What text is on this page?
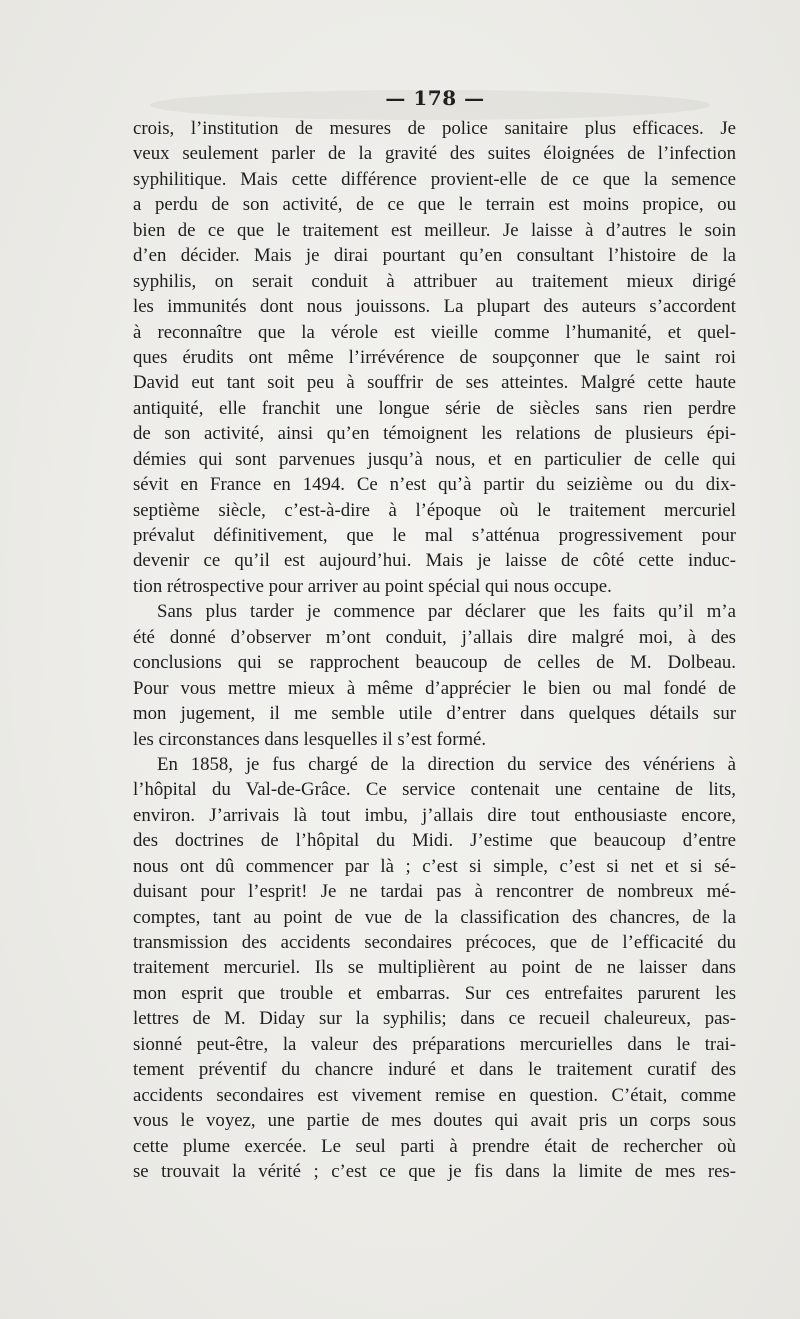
— 178 —
crois, l’institution de mesures de police sanitaire plus efficaces. Je
veux seulement parler de la gravité des suites éloignées de l’infection
syphilitique. Mais cette différence provient-elle de ce que la semence
a perdu de son activité, de ce que le terrain est moins propice, ou
bien de ce que le traitement est meilleur. Je laisse à d’autres le soin
d’en décider. Mais je dirai pourtant qu’en consultant l’histoire de la
syphilis, on serait conduit à attribuer au traitement mieux dirigé
les immunités dont nous jouissons. La plupart des auteurs s’accordent
à reconnaître que la vérole est vieille comme l’humanité, et quel-
ques érudits ont même l’irrévérence de soupçonner que le saint roi
David eut tant soit peu à souffrir de ses atteintes. Malgré cette haute
antiquité, elle franchit une longue série de siècles sans rien perdre
de son activité, ainsi qu’en témoignent les relations de plusieurs épi-
démies qui sont parvenues jusqu’à nous, et en particulier de celle qui
sévit en France en 1494. Ce n’est qu’à partir du seizième ou du dix-
septième siècle, c’est-à-dire à l’époque où le traitement mercuriel
prévalut définitivement, que le mal s’atténua progressivement pour
devenir ce qu’il est aujourd’hui. Mais je laisse de côté cette induc-
tion rétrospective pour arriver au point spécial qui nous occupe.
Sans plus tarder je commence par déclarer que les faits qu’il m’a
été donné d’observer m’ont conduit, j’allais dire malgré moi, à des
conclusions qui se rapprochent beaucoup de celles de M. Dolbeau.
Pour vous mettre mieux à même d’apprécier le bien ou mal fondé de
mon jugement, il me semble utile d’entrer dans quelques détails sur
les circonstances dans lesquelles il s’est formé.
En 1858, je fus chargé de la direction du service des vénériens à
l’hôpital du Val-de-Grâce. Ce service contenait une centaine de lits,
environ. J’arrivais là tout imbu, j’allais dire tout enthousiaste encore,
des doctrines de l’hôpital du Midi. J’estime que beaucoup d’entre
nous ont dû commencer par là ; c’est si simple, c’est si net et si sé-
duisant pour l’esprit! Je ne tardai pas à rencontrer de nombreux mé-
comptes, tant au point de vue de la classification des chancres, de la
transmission des accidents secondaires précoces, que de l’efficacité du
traitement mercuriel. Ils se multiplièrent au point de ne laisser dans
mon esprit que trouble et embarras. Sur ces entrefaites parurent les
lettres de M. Diday sur la syphilis; dans ce recueil chaleureux, pas-
sionné peut-être, la valeur des préparations mercurielles dans le trai-
tement préventif du chancre induré et dans le traitement curatif des
accidents secondaires est vivement remise en question. C’était, comme
vous le voyez, une partie de mes doutes qui avait pris un corps sous
cette plume exercée. Le seul parti à prendre était de rechercher où
se trouvait la vérité ; c’est ce que je fis dans la limite de mes res-
